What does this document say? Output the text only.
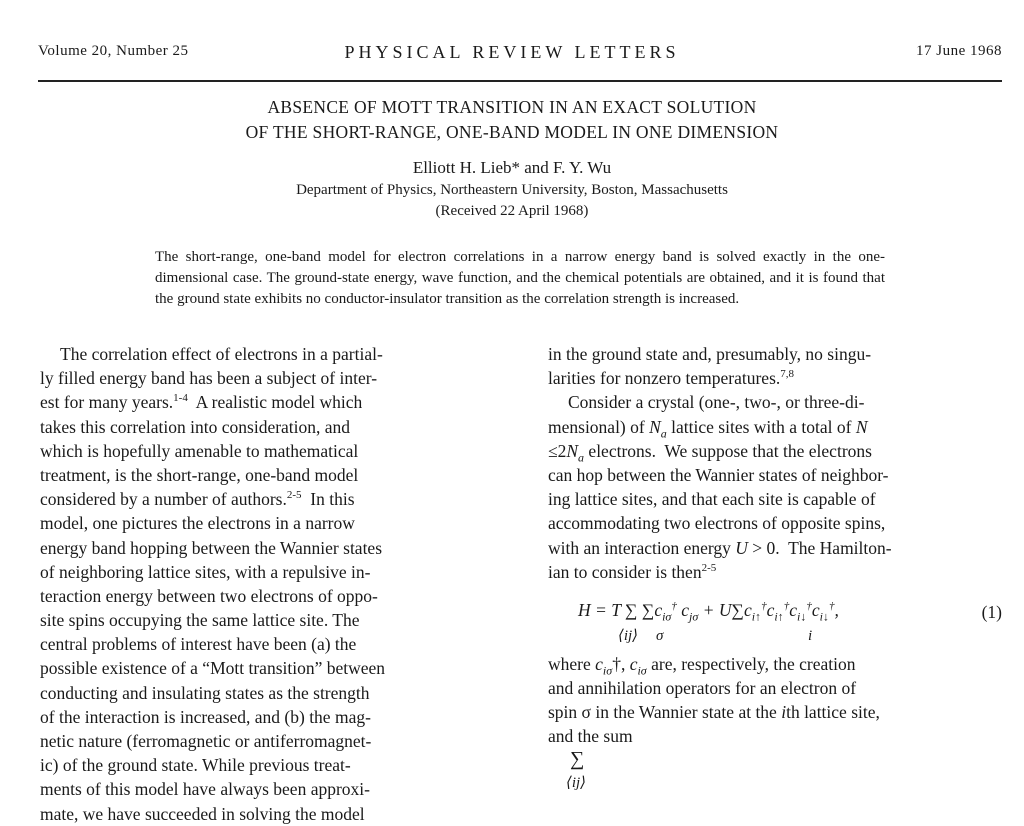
Volume 20, Number 25	PHYSICAL REVIEW LETTERS	17 June 1968
ABSENCE OF MOTT TRANSITION IN AN EXACT SOLUTION
OF THE SHORT-RANGE, ONE-BAND MODEL IN ONE DIMENSION
Elliott H. Lieb* and F. Y. Wu
Department of Physics, Northeastern University, Boston, Massachusetts
(Received 22 April 1968)
The short-range, one-band model for electron correlations in a narrow energy band is solved exactly in the one-dimensional case. The ground-state energy, wave function, and the chemical potentials are obtained, and it is found that the ground state exhibits no conductor-insulator transition as the correlation strength is increased.
The correlation effect of electrons in a partial-
ly filled energy band has been a subject of inter-
est for many years.$^{1-4}$  A realistic model which
takes this correlation into consideration, and
which is hopefully amenable to mathematical
treatment, is the short-range, one-band model
considered by a number of authors.$^{2-5}$  In this
model, one pictures the electrons in a narrow
energy band hopping between the Wannier states
of neighboring lattice sites, with a repulsive in-
teraction energy between two electrons of oppo-
site spins occupying the same lattice site. The
central problems of interest have been (a) the
possible existence of a “Mott transition” between
conducting and insulating states as the strength
of the interaction is increased, and (b) the mag-
netic nature (ferromagnetic or antiferromagnet-
ic) of the ground state. While previous treat-
ments of this model have always been approxi-
mate, we have succeeded in solving the model
in the ground state and, presumably, no singu-
larities for nonzero temperatures.$^{7,8}$
Consider a crystal (one-, two-, or three-di-
mensional) of $N_a$ lattice sites with a total of N
$\le 2N_a$ electrons.  We suppose that the electrons
can hop between the Wannier states of neighbor-
ing lattice sites, and that each site is capable of
accommodating two electrons of opposite spins,
with an interaction energy U > 0.  The Hamilton-
ian to consider is then$^{2-5}$
H = T ∑ $\sum c_{i\sigma}^\dagger$ $c_{j\sigma} + U\sum c_{i↑}^\dagger c_{i↑}^\dagger c_{i↓}^\dagger c_{i↓}^\dagger$,
⟨ij⟩ σ	i
(1)
where $c_{i\sigma}\dagger$, $c_{i\sigma}$ are, respectively, the creation
and annihilation operators for an electron of
spin σ in the Wannier state at the ith lattice site,
and the sum
∑
⟨ij⟩
